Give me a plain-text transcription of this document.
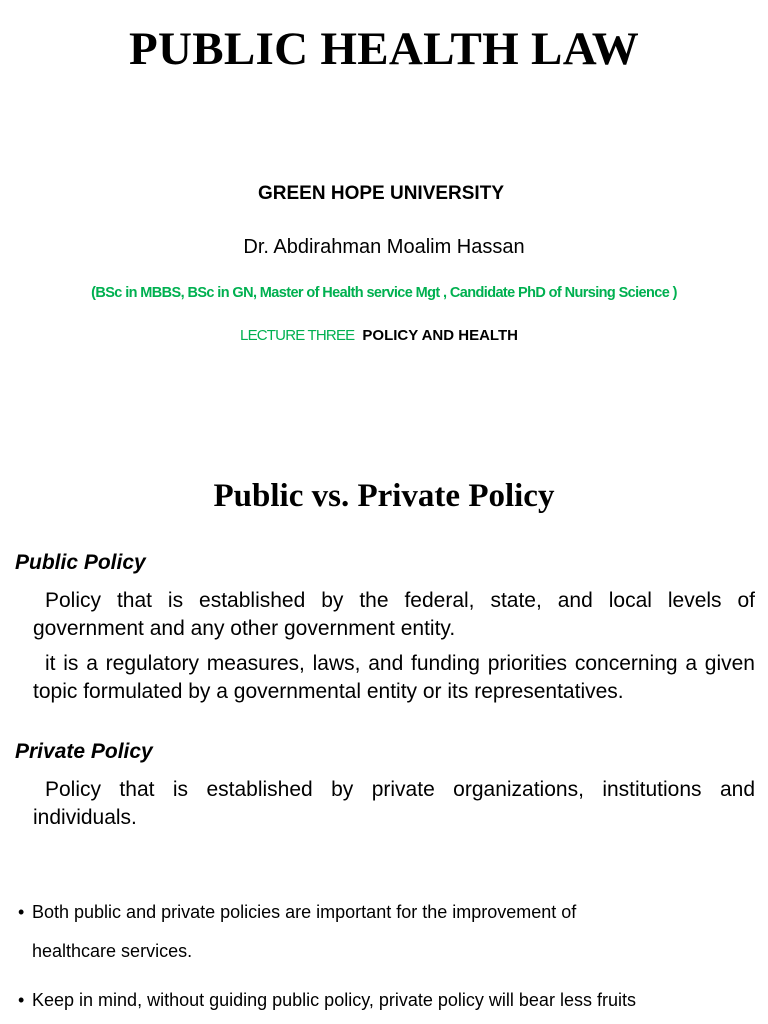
PUBLIC HEALTH LAW
GREEN HOPE UNIVERSITY
Dr. Abdirahman Moalim Hassan
(BSc in MBBS, BSc in GN, Master of Health service Mgt , Candidate PhD of Nursing Science )
LECTURE THREE POLICY AND HEALTH
Public vs. Private Policy
Public Policy
Policy that is established by the federal, state, and local levels of government and any other government entity.
it is a regulatory measures, laws, and funding priorities concerning a given topic formulated by a governmental entity or its representatives.
Private Policy
Policy that is established by private organizations, institutions and individuals.
• Both public and private policies are important for the improvement of
healthcare services.
• Keep in mind, without guiding public policy, private policy will bear less fruits
